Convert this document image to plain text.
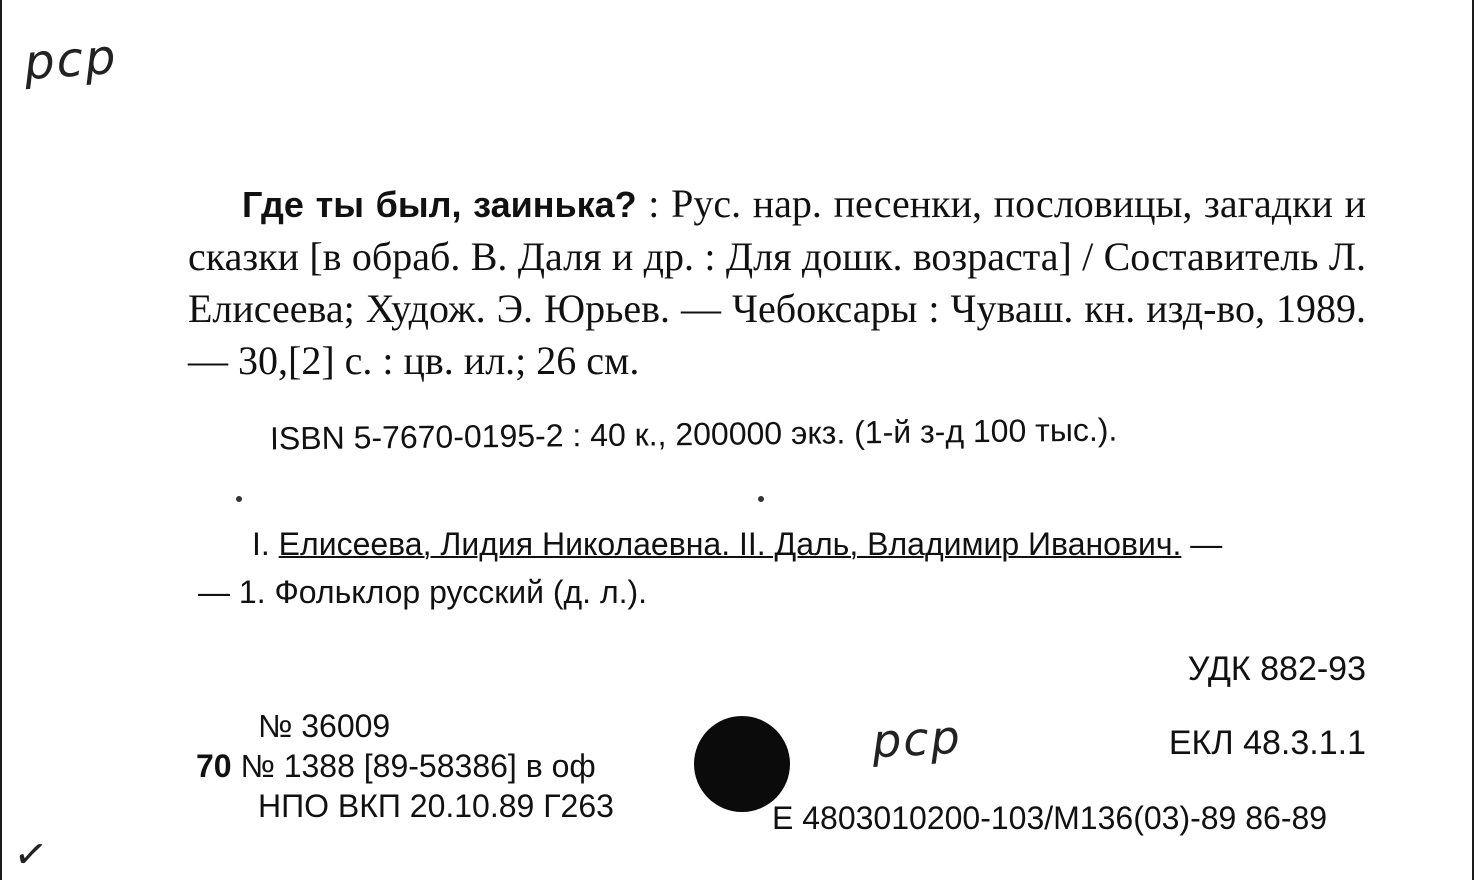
рср
рср
✓

Где ты был, заинька? : Рус. нар. песенки, пословицы, загадки и сказки [в обраб. В. Даля и др. : Для дошк. возраста] / Составитель Л. Елисеева; Худож. Э. Юрьев. — Чебоксары : Чуваш. кн. изд-во, 1989. — 30,[2] с. : цв. ил.; 26 см.

ISBN 5-7670-0195-2 : 40 к., 200000 экз. (1-й з-д 100 тыс.).
I. Елисеева, Лидия Николаевна. II. Даль, Владимир Иванович. —
— 1. Фольклор русский (д. л.).
УДК 882-93
ЕКЛ 48.3.1.1
№ 36009
70 № 1388 [89-58386] в оф
НПО ВКП 20.10.89 Г263	Е 4803010200-103/М136(03)-89 86-89
